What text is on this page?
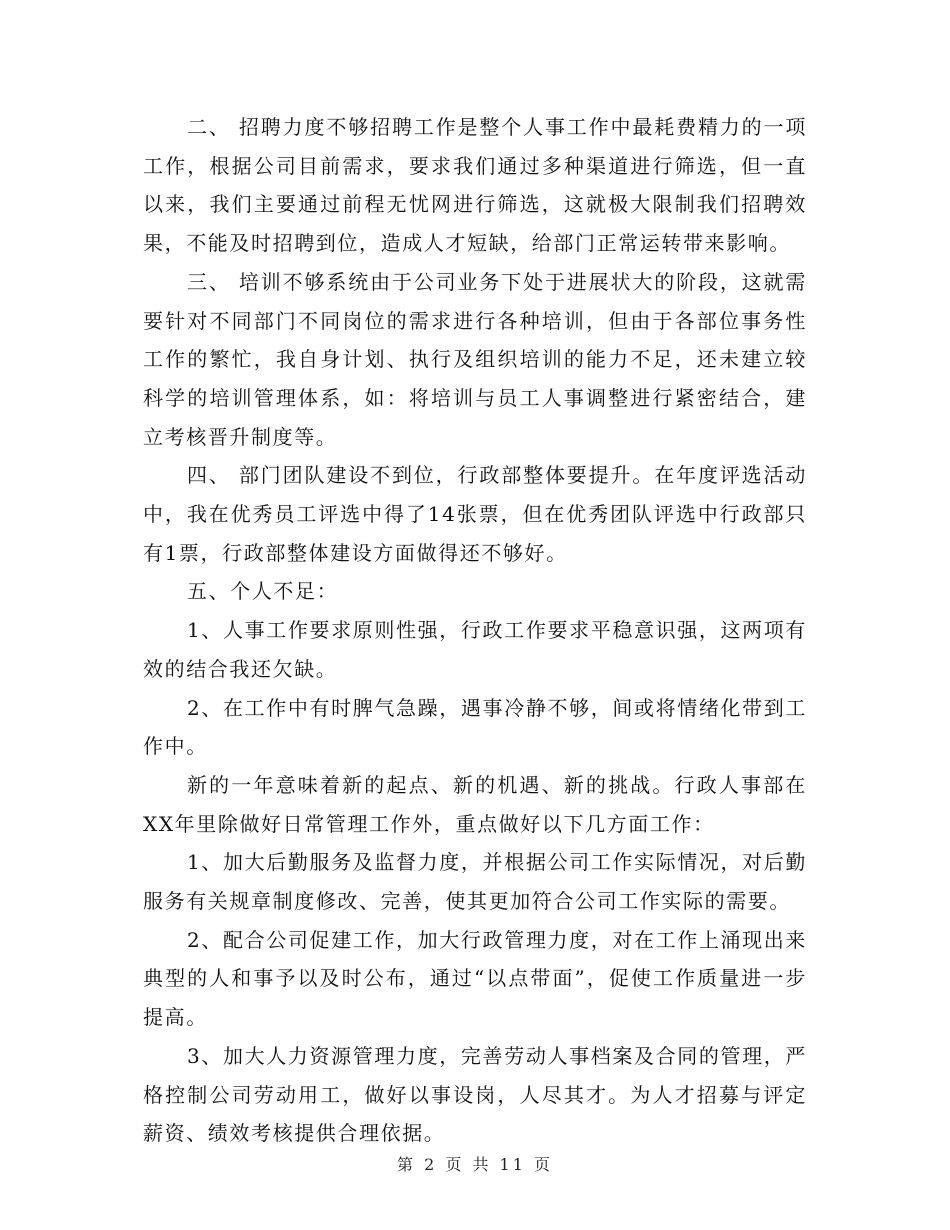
二、 招聘力度不够招聘工作是整个人事工作中最耗费精力的一项工作，根据公司目前需求，要求我们通过多种渠道进行筛选，但一直以来，我们主要通过前程无忧网进行筛选，这就极大限制我们招聘效果，不能及时招聘到位，造成人才短缺，给部门正常运转带来影响。

三、 培训不够系统由于公司业务下处于进展状大的阶段，这就需要针对不同部门不同岗位的需求进行各种培训，但由于各部位事务性工作的繁忙，我自身计划、执行及组织培训的能力不足，还未建立较科学的培训管理体系，如：将培训与员工人事调整进行紧密结合，建立考核晋升制度等。

四、 部门团队建设不到位，行政部整体要提升。在年度评选活动中，我在优秀员工评选中得了14张票，但在优秀团队评选中行政部只有1票，行政部整体建设方面做得还不够好。

五、个人不足：

1、人事工作要求原则性强，行政工作要求平稳意识强，这两项有效的结合我还欠缺。

2、在工作中有时脾气急躁，遇事冷静不够，间或将情绪化带到工作中。

新的一年意味着新的起点、新的机遇、新的挑战。行政人事部在XX年里除做好日常管理工作外，重点做好以下几方面工作：

1、加大后勤服务及监督力度，并根据公司工作实际情况，对后勤服务有关规章制度修改、完善，使其更加符合公司工作实际的需要。

2、配合公司促建工作，加大行政管理力度，对在工作上涌现出来典型的人和事予以及时公布，通过“以点带面”，促使工作质量进一步提高。

3、加大人力资源管理力度，完善劳动人事档案及合同的管理，严格控制公司劳动用工，做好以事设岗，人尽其才。为人才招募与评定薪资、绩效考核提供合理依据。

第 2 页 共 11 页
